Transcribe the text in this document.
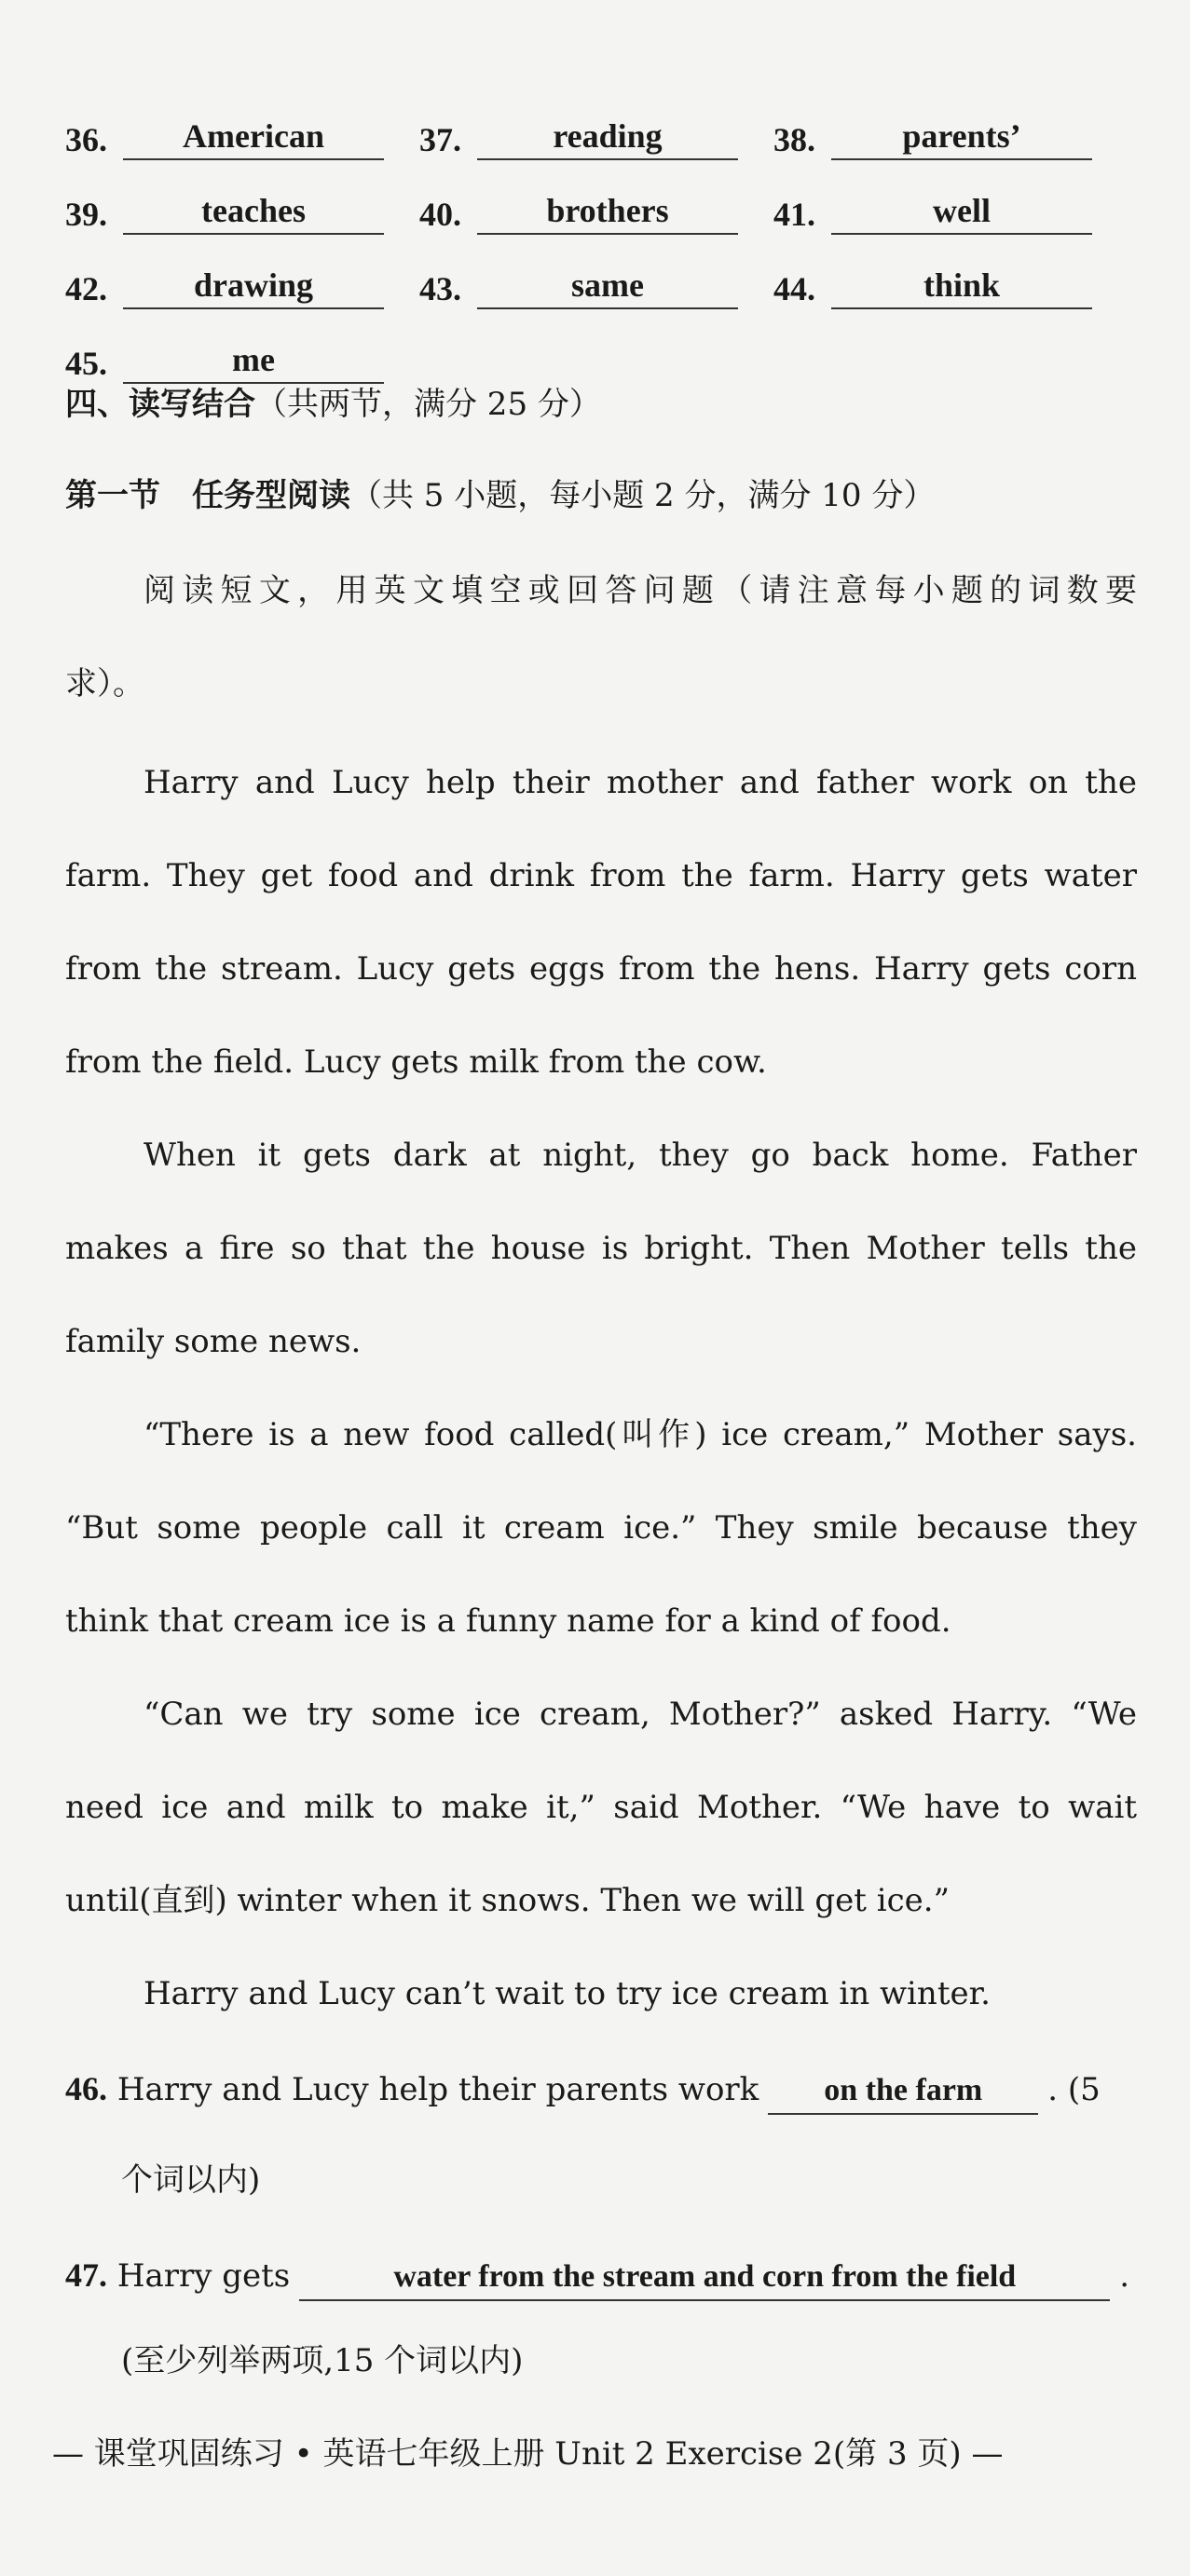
36.	American	37.	reading	38.	parents’
39.	teaches	40.	brothers	41.	well
42.	drawing	43.	same	44.	think
45.	me
四、读写结合（共两节，满分 25 分）
第一节　任务型阅读（共 5 小题，每小题 2 分，满分 10 分）
阅读短文，用英文填空或回答问题（请注意每小题的词数要
求）。
Harry and Lucy help their mother and father work on the
farm. They get food and drink from the farm. Harry gets water
from the stream. Lucy gets eggs from the hens. Harry gets corn
from the field. Lucy gets milk from the cow.
When it gets dark at night, they go back home. Father
makes a fire so that the house is bright. Then Mother tells the
family some news.
“There is a new food called(叫作) ice cream,” Mother says.
“But some people call it cream ice.” They smile because they
think that cream ice is a funny name for a kind of food.
“Can we try some ice cream, Mother?” asked Harry. “We
need ice and milk to make it,” said Mother. “We have to wait
until(直到) winter when it snows. Then we will get ice.”
Harry and Lucy can’t wait to try ice cream in winter.
46. Harry and Lucy help their parents work on the farm . (5
个词以内)
47. Harry gets	water from the stream and corn from the field	.
(至少列举两项,15 个词以内)
— 课堂巩固练习 • 英语七年级上册 Unit 2 Exercise 2(第 3 页) —
